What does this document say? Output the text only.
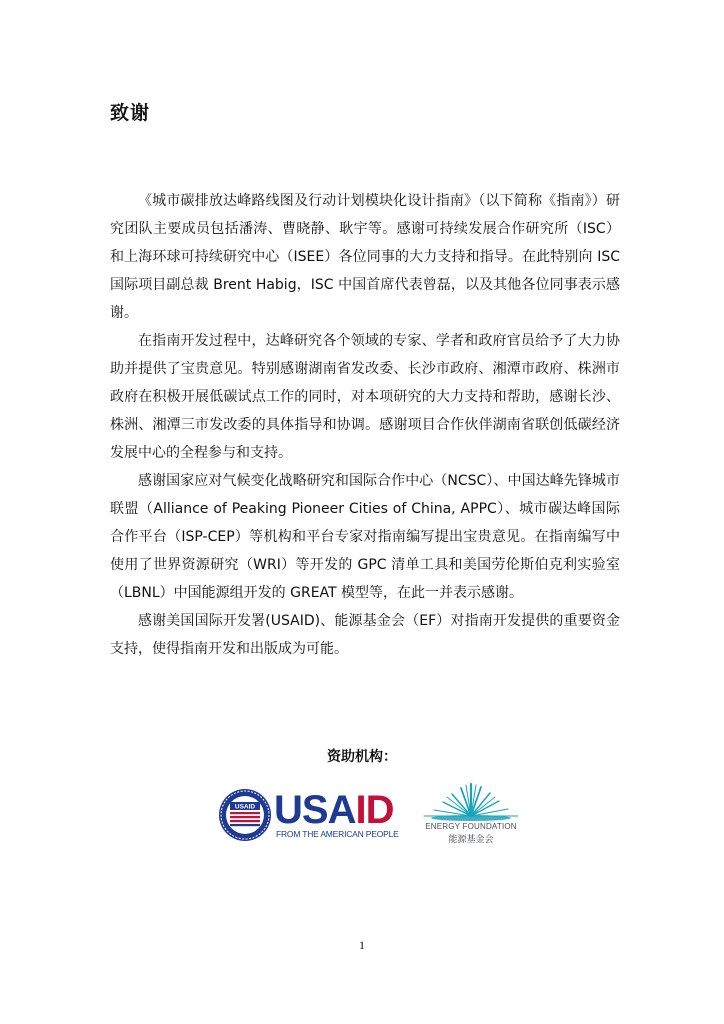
致谢

《城市碳排放达峰路线图及行动计划模块化设计指南》（以下简称《指南》）研究团队主要成员包括潘涛、曹晓静、耿宇等。感谢可持续发展合作研究所（ISC）和上海环球可持续研究中心（ISEE）各位同事的大力支持和指导。在此特别向 ISC 国际项目副总裁 Brent Habig，ISC 中国首席代表曾磊，以及其他各位同事表示感谢。

在指南开发过程中，达峰研究各个领域的专家、学者和政府官员给予了大力协助并提供了宝贵意见。特别感谢湖南省发改委、长沙市政府、湘潭市政府、株洲市政府在积极开展低碳试点工作的同时，对本项研究的大力支持和帮助，感谢长沙、株洲、湘潭三市发改委的具体指导和协调。感谢项目合作伙伴湖南省联创低碳经济发展中心的全程参与和支持。

感谢国家应对气候变化战略研究和国际合作中心（NCSC）、中国达峰先锋城市联盟（Alliance of Peaking Pioneer Cities of China, APPC）、城市碳达峰国际合作平台（ISP-CEP）等机构和平台专家对指南编写提出宝贵意见。在指南编写中使用了世界资源研究（WRI）等开发的 GPC 清单工具和美国劳伦斯伯克利实验室（LBNL）中国能源组开发的 GREAT 模型等，在此一并表示感谢。

感谢美国国际开发署(USAID)、能源基金会（EF）对指南开发提供的重要资金支持，使得指南开发和出版成为可能。

资助机构：
USAID USAID
FROM THE AMERICAN PEOPLE
ENERGY FOUNDATION
能源基金会
1
